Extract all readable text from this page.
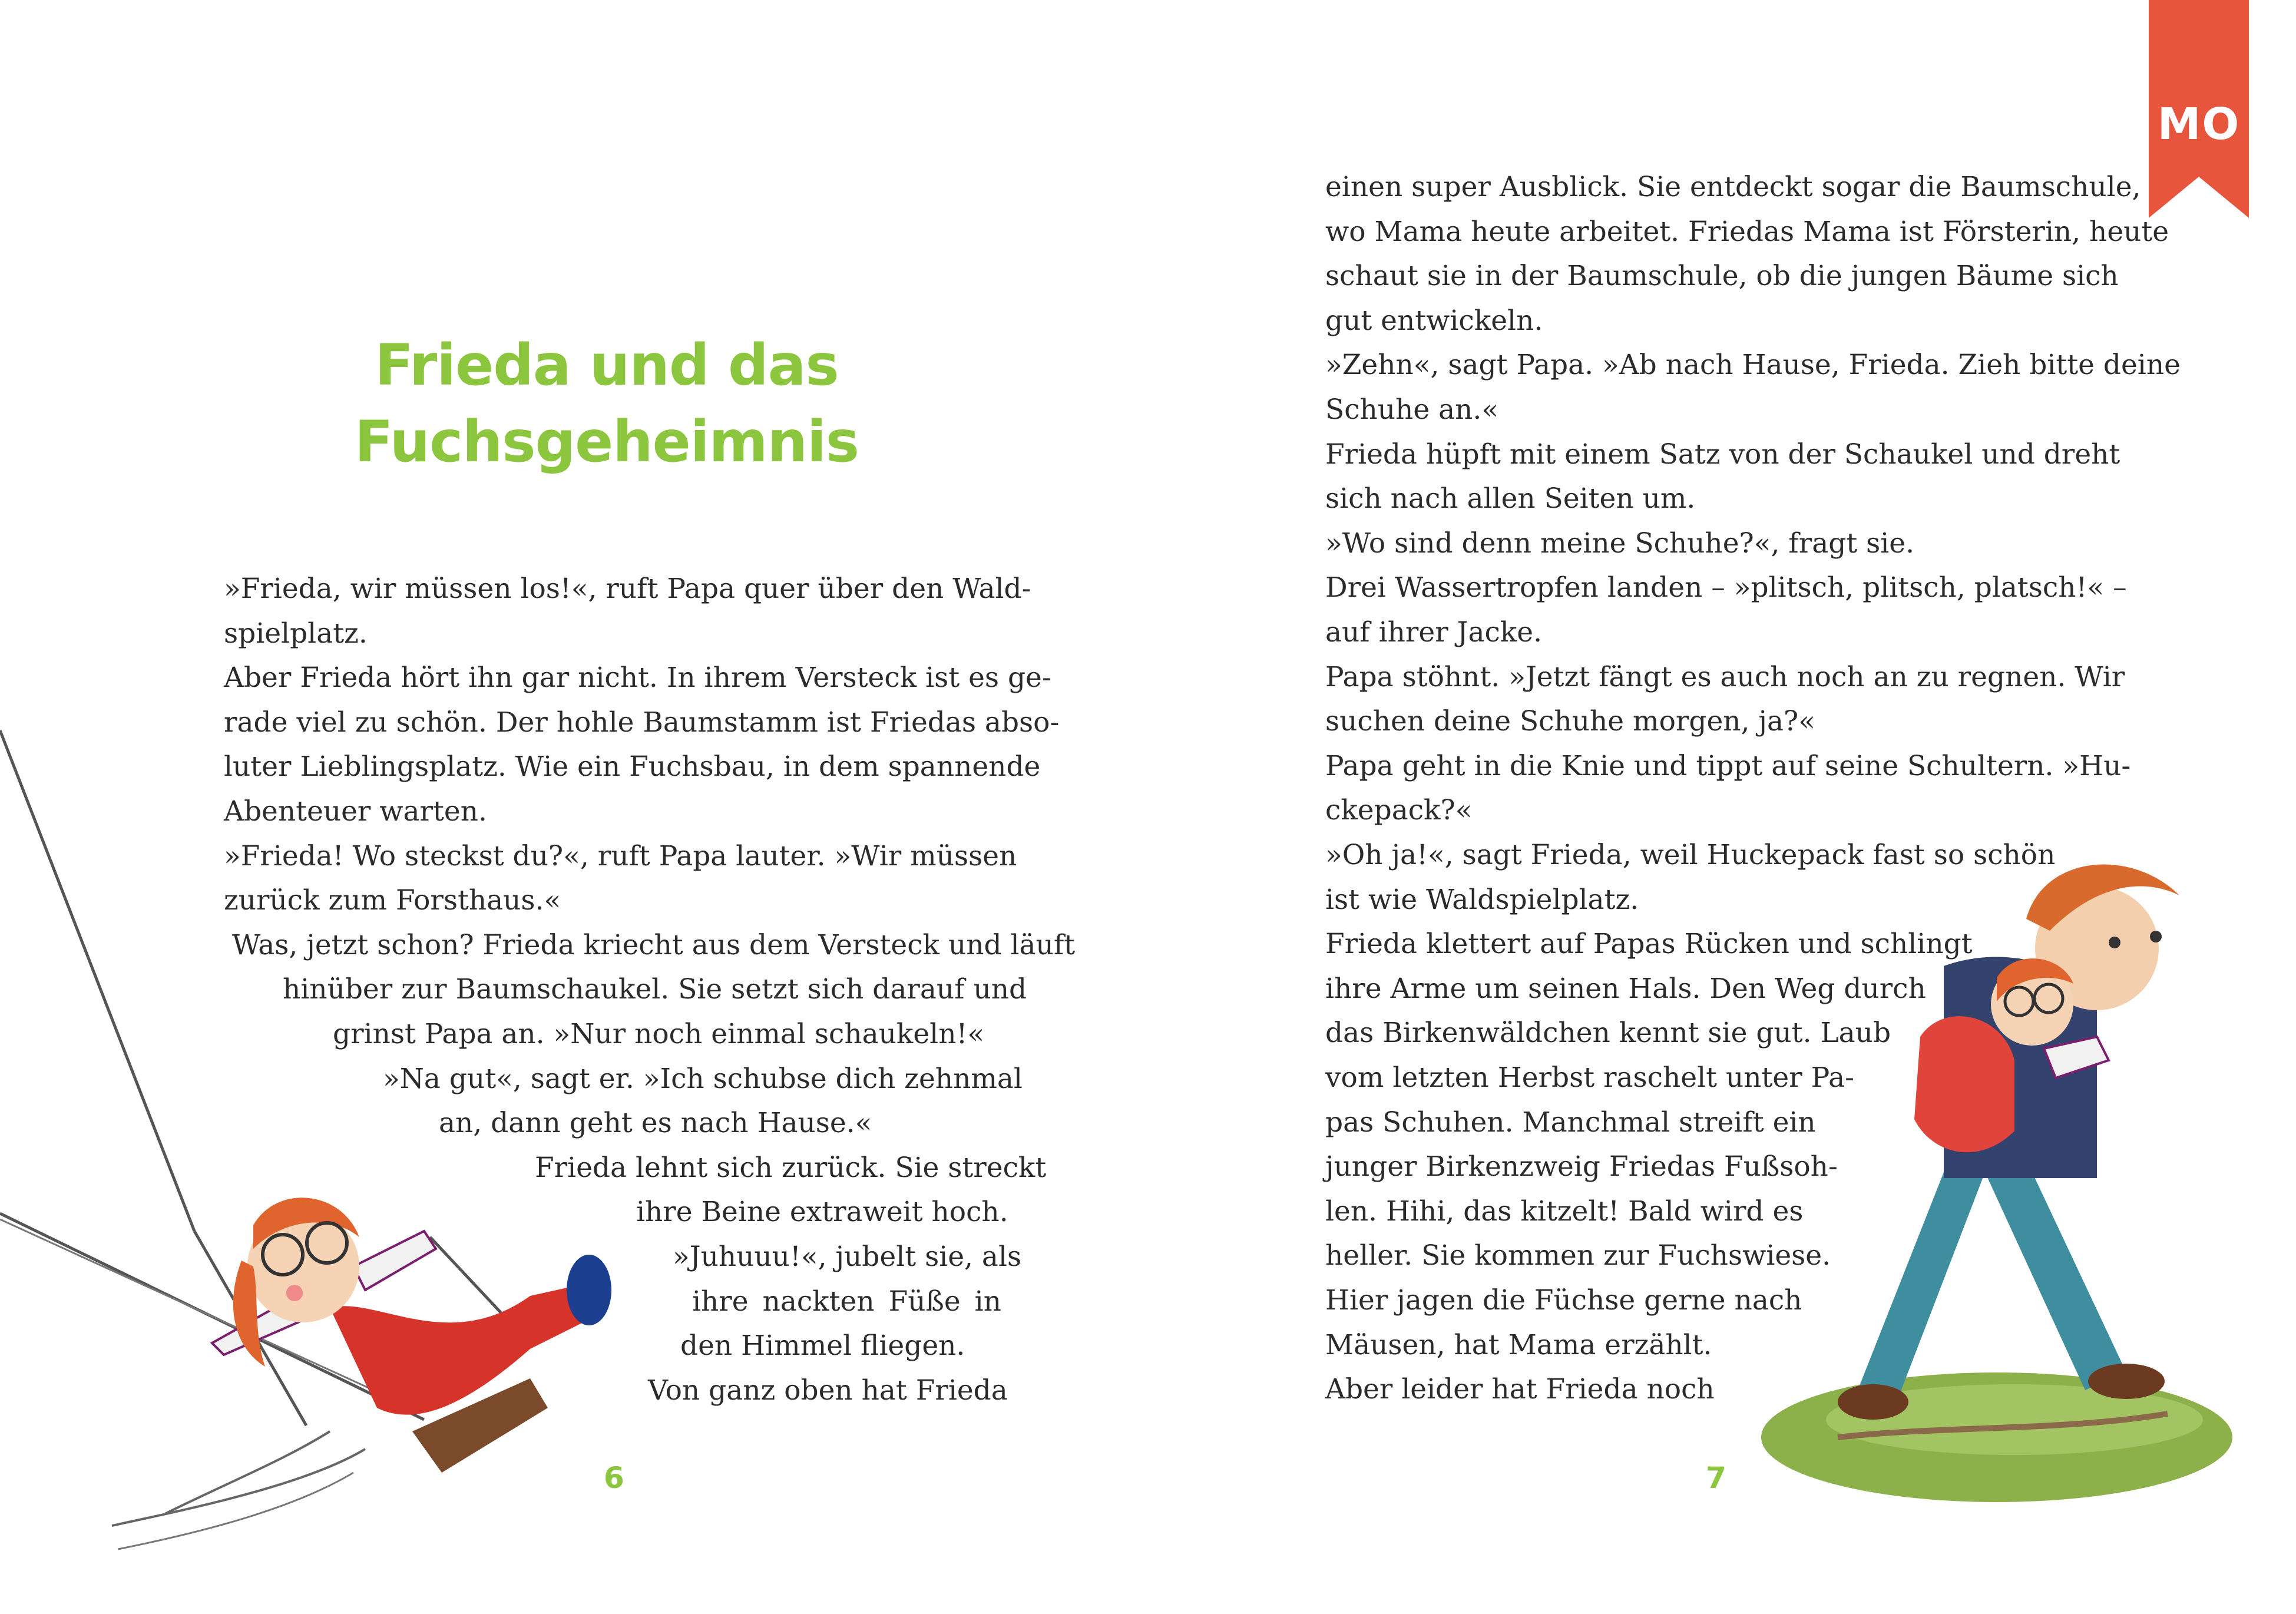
Frieda und das
Fuchsgeheimnis
»Frieda, wir müssen los!«, ruft Papa quer über den Wald-
spielplatz.
Aber Frieda hört ihn gar nicht. In ihrem Versteck ist es ge-
rade viel zu schön. Der hohle Baumstamm ist Friedas abso-
luter Lieblingsplatz. Wie ein Fuchsbau, in dem spannende
Abenteuer warten.
»Frieda! Wo steckst du?«, ruft Papa lauter. »Wir müssen
zurück zum Forsthaus.«
Was, jetzt schon? Frieda kriecht aus dem Versteck und läuft
hinüber zur Baumschaukel. Sie setzt sich darauf und
grinst Papa an. »Nur noch einmal schaukeln!«
»Na gut«, sagt er. »Ich schubse dich zehnmal
an, dann geht es nach Hause.«
Frieda lehnt sich zurück. Sie streckt
ihre Beine extraweit hoch.
»Juhuuu!«, jubelt sie, als
ihre nackten Füße in
den Himmel fliegen.
Von ganz oben hat Frieda
einen super Ausblick. Sie entdeckt sogar die Baumschule,
wo Mama heute arbeitet. Friedas Mama ist Försterin, heute
schaut sie in der Baumschule, ob die jungen Bäume sich
gut entwickeln.
»Zehn«, sagt Papa. »Ab nach Hause, Frieda. Zieh bitte deine
Schuhe an.«
Frieda hüpft mit einem Satz von der Schaukel und dreht
sich nach allen Seiten um.
»Wo sind denn meine Schuhe?«, fragt sie.
Drei Wassertropfen landen – »plitsch, plitsch, platsch!« –
auf ihrer Jacke.
Papa stöhnt. »Jetzt fängt es auch noch an zu regnen. Wir
suchen deine Schuhe morgen, ja?«
Papa geht in die Knie und tippt auf seine Schultern. »Hu-
ckepack?«
»Oh ja!«, sagt Frieda, weil Huckepack fast so schön
ist wie Waldspielplatz.
Frieda klettert auf Papas Rücken und schlingt
ihre Arme um seinen Hals. Den Weg durch
das Birkenwäldchen kennt sie gut. Laub
vom letzten Herbst raschelt unter Pa-
pas Schuhen. Manchmal streift ein
junger Birkenzweig Friedas Fußsoh-
len. Hihi, das kitzelt! Bald wird es
heller. Sie kommen zur Fuchswiese.
Hier jagen die Füchse gerne nach
Mäusen, hat Mama erzählt.
Aber leider hat Frieda noch
6	7
MO
